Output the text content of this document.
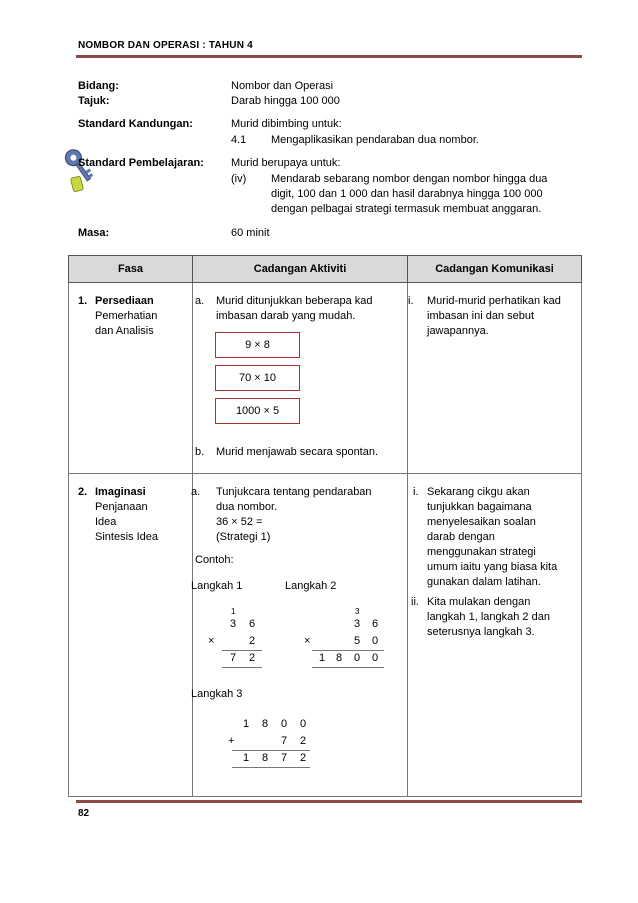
NOMBOR DAN OPERASI : TAHUN 4
Bidang:	Nombor dan Operasi
Tajuk:	Darab hingga 100 000
Standard Kandungan:	Murid dibimbing untuk:
4.1 Mengaplikasikan pendaraban dua nombor.
Standard Pembelajaran: Murid berupaya untuk:
(iv) Mendarab sebarang nombor dengan nombor hingga dua
digit, 100 dan 1 000 dan hasil darabnya hingga 100 000
dengan pelbagai strategi termasuk membuat anggaran.
Masa:	60 minit
Fasa	Cadangan Aktiviti	Cadangan Komunikasi

1. Persediaan
Pemerhatian
dan Analisis
a. Murid ditunjukkan beberapa kad
imbasan darab yang mudah.
9 × 8
70 × 10
1000 × 5
b. Murid menjawab secara spontan.
i. Murid-murid perhatikan kad
imbasan ini dan sebut
jawapannya.
2. Imaginasi
Penjanaan
Idea
Sintesis Idea
a. Tunjukcara tentang pendaraban
dua nombor.
36 × 52 =
(Strategi 1)
Contoh:
Langkah 1	Langkah 2
1
3 6
×	2
7 2
3
3 6
×	5 0
1 8 0 0
Langkah 3
1 8 0 0
+	7 2
1 8 7 2
i. Sekarang cikgu akan
tunjukkan bagaimana
menyelesaikan soalan
darab dengan
menggunakan strategi
umum iaitu yang biasa kita
gunakan dalam latihan.
ii. Kita mulakan dengan
langkah 1, langkah 2 dan
seterusnya langkah 3.
82
